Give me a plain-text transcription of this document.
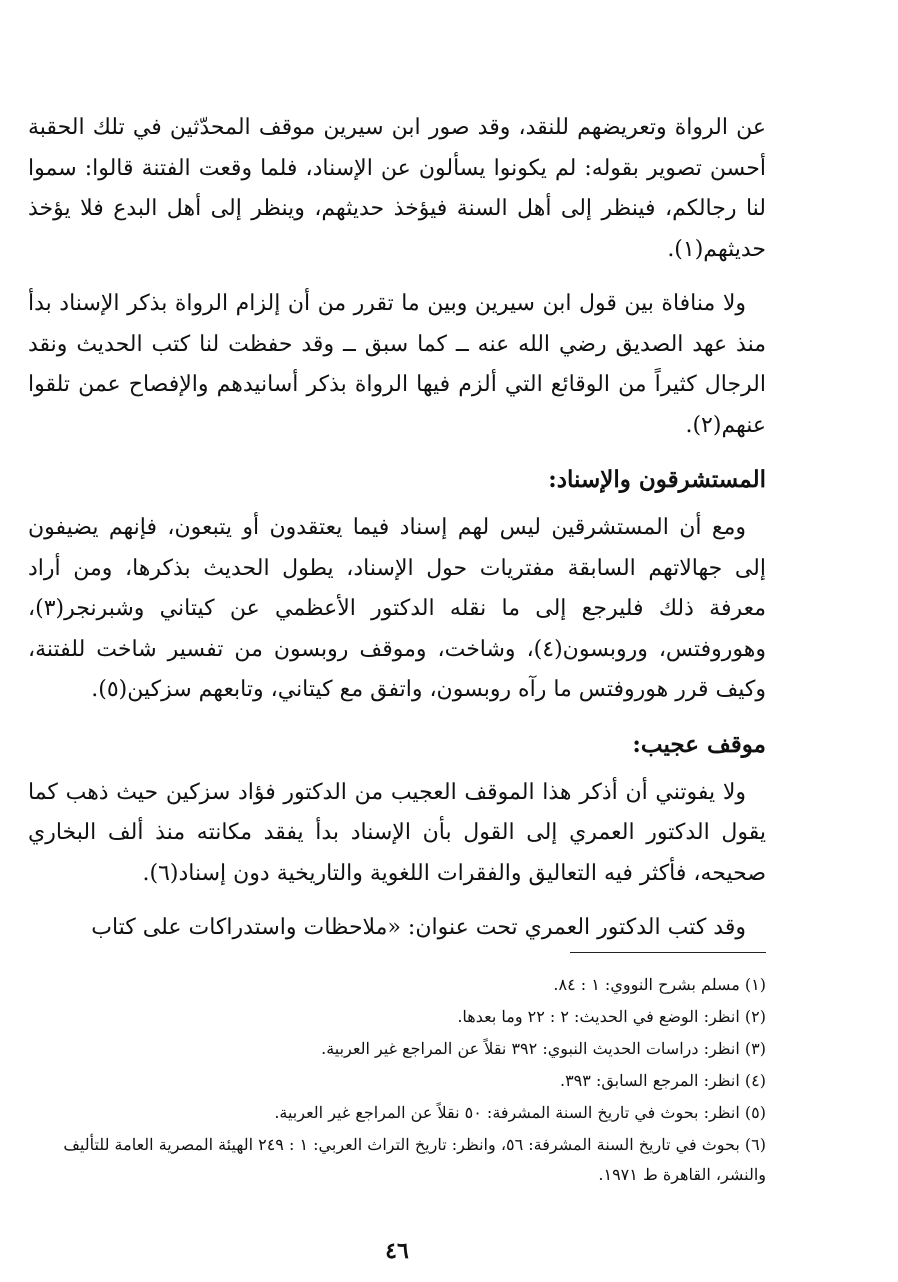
عن الرواة وتعريضهم للنقد، وقد صور ابن سيرين موقف المحدّثين في تلك الحقبة أحسن تصوير بقوله: لم يكونوا يسألون عن الإسناد، فلما وقعت الفتنة قالوا: سموا لنا رجالكم، فينظر إلى أهل السنة فيؤخذ حديثهم، وينظر إلى أهل البدع فلا يؤخذ حديثهم(١).

ولا منافاة بين قول ابن سيرين وبين ما تقرر من أن إلزام الرواة بذكر الإسناد بدأ منذ عهد الصديق رضي الله عنه ــ كما سبق ــ وقد حفظت لنا كتب الحديث ونقد الرجال كثيراً من الوقائع التي ألزم فيها الرواة بذكر أسانيدهم والإفصاح عمن تلقوا عنهم(٢).

المستشرقون والإسناد:

ومع أن المستشرقين ليس لهم إسناد فيما يعتقدون أو يتبعون، فإنهم يضيفون إلى جهالاتهم السابقة مفتريات حول الإسناد، يطول الحديث بذكرها، ومن أراد معرفة ذلك فليرجع إلى ما نقله الدكتور الأعظمي عن كيتاني وشبرنجر(٣)، وهوروفتس، وروبسون(٤)، وشاخت، وموقف روبسون من تفسير شاخت للفتنة، وكيف قرر هوروفتس ما رآه روبسون، واتفق مع كيتاني، وتابعهم سزكين(٥).

موقف عجيب:

ولا يفوتني أن أذكر هذا الموقف العجيب من الدكتور فؤاد سزكين حيث ذهب كما يقول الدكتور العمري إلى القول بأن الإسناد بدأ يفقد مكانته منذ ألف البخاري صحيحه، فأكثر فيه التعاليق والفقرات اللغوية والتاريخية دون إسناد(٦).

وقد كتب الدكتور العمري تحت عنوان: «ملاحظات واستدراكات على كتاب

(١) مسلم بشرح النووي: ١ : ٨٤.

(٢) انظر: الوضع في الحديث: ٢ : ٢٢ وما بعدها.

(٣) انظر: دراسات الحديث النبوي: ٣٩٢ نقلاً عن المراجع غير العربية.

(٤) انظر: المرجع السابق: ٣٩٣.

(٥) انظر: بحوث في تاريخ السنة المشرفة: ٥٠ نقلاً عن المراجع غير العربية.

(٦) بحوث في تاريخ السنة المشرفة: ٥٦، وانظر: تاريخ التراث العربي: ١ : ٢٤٩ الهيئة المصرية العامة للتأليف والنشر، القاهرة ط ١٩٧١.

٤٦
